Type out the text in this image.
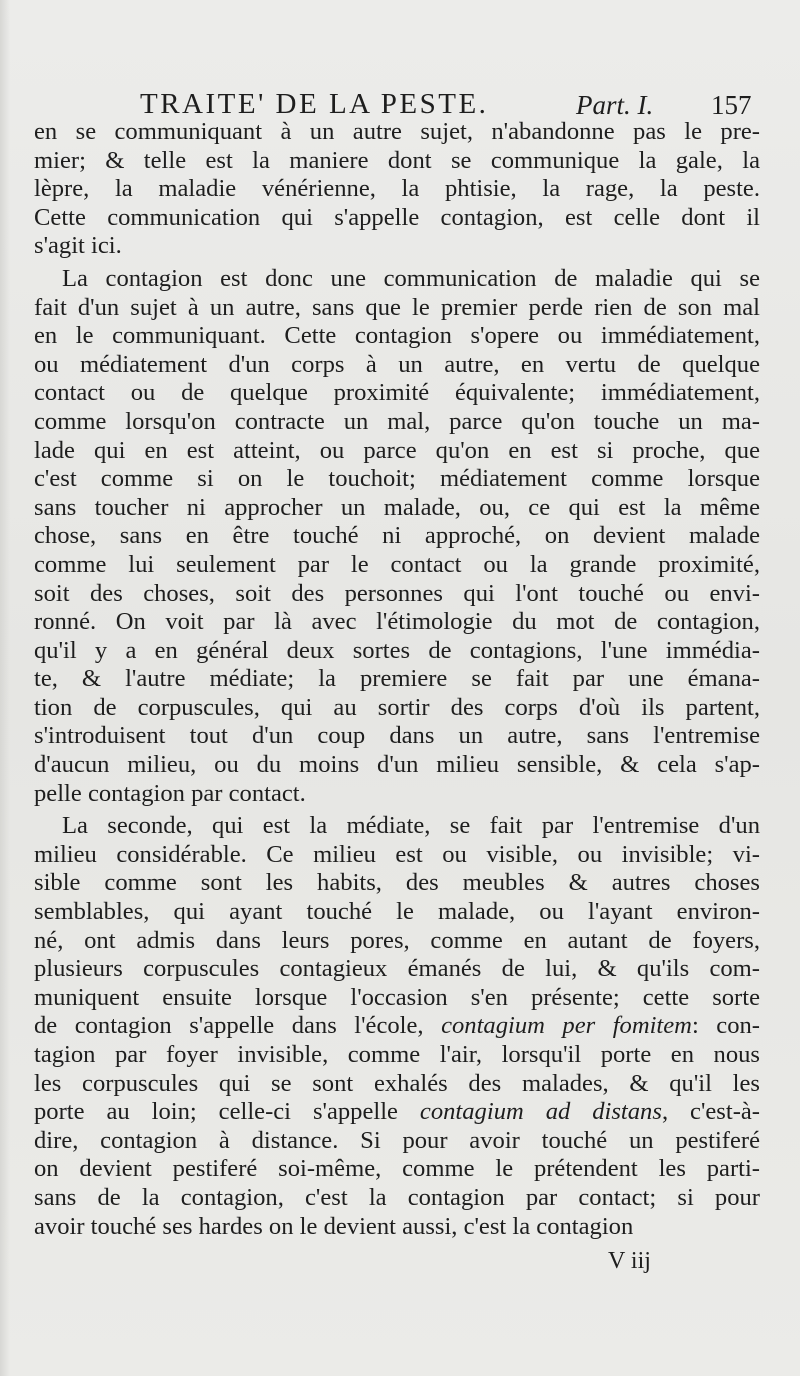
TRAITE' DE LA PESTE.	Part. I. 157
en se communiquant à un autre sujet, n'abandonne pas le pre-
mier; & telle est la maniere dont se communique la gale, la
lèpre, la maladie vénérienne, la phtisie, la rage, la peste.
Cette communication qui s'appelle contagion, est celle dont il
s'agit ici.
La contagion est donc une communication de maladie qui se
fait d'un sujet à un autre, sans que le premier perde rien de son mal
en le communiquant. Cette contagion s'opere ou immédiatement,
ou médiatement d'un corps à un autre, en vertu de quelque
contact ou de quelque proximité équivalente; immédiatement,
comme lorsqu'on contracte un mal, parce qu'on touche un ma-
lade qui en est atteint, ou parce qu'on en est si proche, que
c'est comme si on le touchoit; médiatement comme lorsque
sans toucher ni approcher un malade, ou, ce qui est la même
chose, sans en être touché ni approché, on devient malade
comme lui seulement par le contact ou la grande proximité,
soit des choses, soit des personnes qui l'ont touché ou envi-
ronné. On voit par là avec l'étimologie du mot de contagion,
qu'il y a en général deux sortes de contagions, l'une immédia-
te, & l'autre médiate; la premiere se fait par une émana-
tion de corpuscules, qui au sortir des corps d'où ils partent,
s'introduisent tout d'un coup dans un autre, sans l'entremise
d'aucun milieu, ou du moins d'un milieu sensible, & cela s'ap-
pelle contagion par contact.
La seconde, qui est la médiate, se fait par l'entremise d'un
milieu considérable. Ce milieu est ou visible, ou invisible; vi-
sible comme sont les habits, des meubles & autres choses
semblables, qui ayant touché le malade, ou l'ayant environ-
né, ont admis dans leurs pores, comme en autant de foyers,
plusieurs corpuscules contagieux émanés de lui, & qu'ils com-
muniquent ensuite lorsque l'occasion s'en présente; cette sorte
de contagion s'appelle dans l'école, contagium per fomitem: con-
tagion par foyer invisible, comme l'air, lorsqu'il porte en nous
les corpuscules qui se sont exhalés des malades, & qu'il les
porte au loin; celle-ci s'appelle contagium ad distans, c'est-à-
dire, contagion à distance. Si pour avoir touché un pestiferé
on devient pestiferé soi-même, comme le prétendent les parti-
sans de la contagion, c'est la contagion par contact; si pour
avoir touché ses hardes on le devient aussi, c'est la contagion
V iij
